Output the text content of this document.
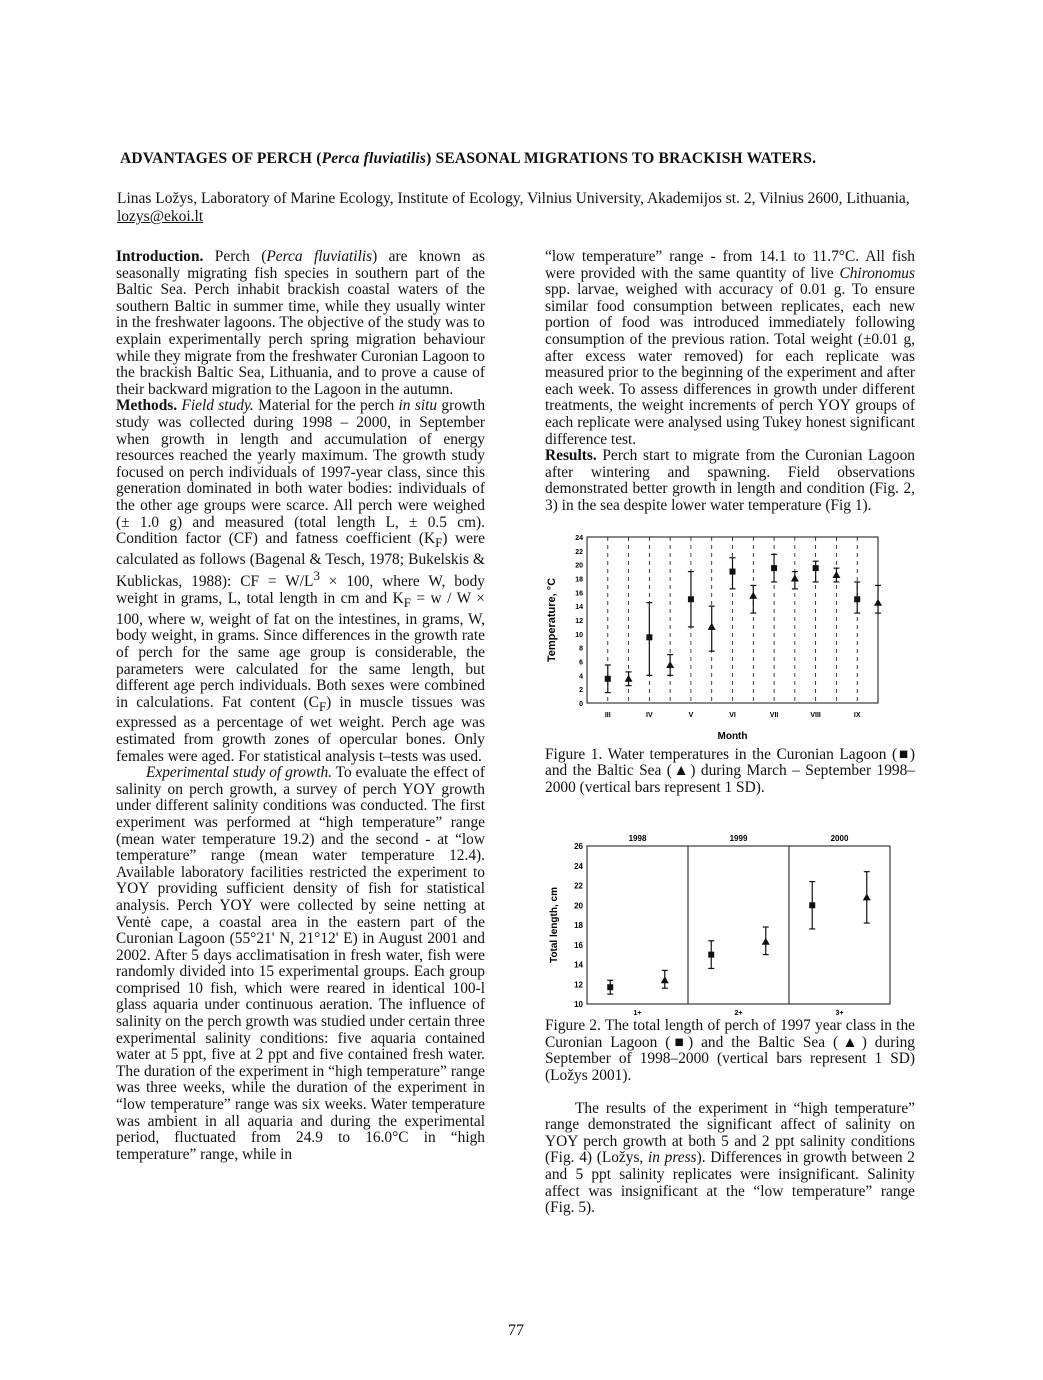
ADVANTAGES OF PERCH (Perca fluviatilis) SEASONAL MIGRATIONS TO BRACKISH WATERS.
Linas Ložys, Laboratory of Marine Ecology, Institute of Ecology, Vilnius University, Akademijos st. 2, Vilnius 2600, Lithuania, lozys@ekoi.lt

Introduction. Perch (Perca fluviatilis) are known as seasonally migrating fish species in southern part of the Baltic Sea. Perch inhabit brackish coastal waters of the southern Baltic in summer time, while they usually winter in the freshwater lagoons. The objective of the study was to explain experimentally perch spring migration behaviour while they migrate from the freshwater Curonian Lagoon to the brackish Baltic Sea, Lithuania, and to prove a cause of their backward migration to the Lagoon in the autumn.

Methods. Field study. Material for the perch in situ growth study was collected during 1998 – 2000, in September when growth in length and accumulation of energy resources reached the yearly maximum. The growth study focused on perch individuals of 1997-year class, since this generation dominated in both water bodies: individuals of the other age groups were scarce. All perch were weighed (± 1.0 g) and measured (total length L, ± 0.5 cm). Condition factor (CF) and fatness coefficient $(K_F)$ were calculated as follows (Bagenal & Tesch, 1978; Bukelskis & Kublickas, 1988): CF = $W/L^3 \times 100$, where W, body weight in grams, L, total length in cm and $K_F = w / W \times 100$, where w, weight of fat on the intestines, in grams, W, body weight, in grams. Since differences in the growth rate of perch for the same age group is considerable, the parameters were calculated for the same length, but different age perch individuals. Both sexes were combined in calculations. Fat content $(C_F)$ in muscle tissues was expressed as a percentage of wet weight. Perch age was estimated from growth zones of opercular bones. Only females were aged. For statistical analysis t–tests was used.

Experimental study of growth. To evaluate the effect of salinity on perch growth, a survey of perch YOY growth under different salinity conditions was conducted. The first experiment was performed at “high temperature” range (mean water temperature 19.2) and the second - at “low temperature” range (mean water temperature 12.4). Available laboratory facilities restricted the experiment to YOY providing sufficient density of fish for statistical analysis. Perch YOY were collected by seine netting at Ventė cape, a coastal area in the eastern part of the Curonian Lagoon (55°21' N, 21°12' E) in August 2001 and 2002. After 5 days acclimatisation in fresh water, fish were randomly divided into 15 experimental groups. Each group comprised 10 fish, which were reared in identical 100-l glass aquaria under continuous aeration. The influence of salinity on the perch growth was studied under certain three experimental salinity conditions: five aquaria contained water at 5 ppt, five at 2 ppt and five contained fresh water. The duration of the experiment in “high temperature” range was three weeks, while the duration of the experiment in “low temperature” range was six weeks. Water temperature was ambient in all aquaria and during the experimental period, fluctuated from 24.9 to 16.0°C in “high temperature” range, while in

“low temperature” range - from 14.1 to 11.7°C. All fish were provided with the same quantity of live Chironomus spp. larvae, weighed with accuracy of 0.01 g. To ensure similar food consumption between replicates, each new portion of food was introduced immediately following consumption of the previous ration. Total weight (±0.01 g, after excess water removed) for each replicate was measured prior to the beginning of the experiment and after each week. To assess differences in growth under different treatments, the weight increments of perch YOY groups of each replicate were analysed using Tukey honest significant difference test.

Results. Perch start to migrate from the Curonian Lagoon after wintering and spawning. Field observations demonstrated better growth in length and condition (Fig. 2, 3) in the sea despite lower water temperature (Fig 1).

0
2
4
6
8
10
12
14
16
18
20
22
24
III	IV	V	VI	VII	VIII	IX
Temperature, °C
Month

Figure 1. Water temperatures in the Curonian Lagoon (■) and the Baltic Sea (▲) during March – September 1998–2000 (vertical bars represent 1 SD).

1998	1999	2000
1+	2+	3+
10
12
14
16
18
20
22
24
26
Total length, cm

Figure 2. The total length of perch of 1997 year class in the Curonian Lagoon (■) and the Baltic Sea (▲) during September of 1998–2000 (vertical bars represent 1 SD) (Ložys 2001).

The results of the experiment in “high temperature” range demonstrated the significant affect of salinity on YOY perch growth at both 5 and 2 ppt salinity conditions (Fig. 4) (Ložys, in press). Differences in growth between 2 and 5 ppt salinity replicates were insignificant. Salinity affect was insignificant at the “low temperature” range (Fig. 5).

77
